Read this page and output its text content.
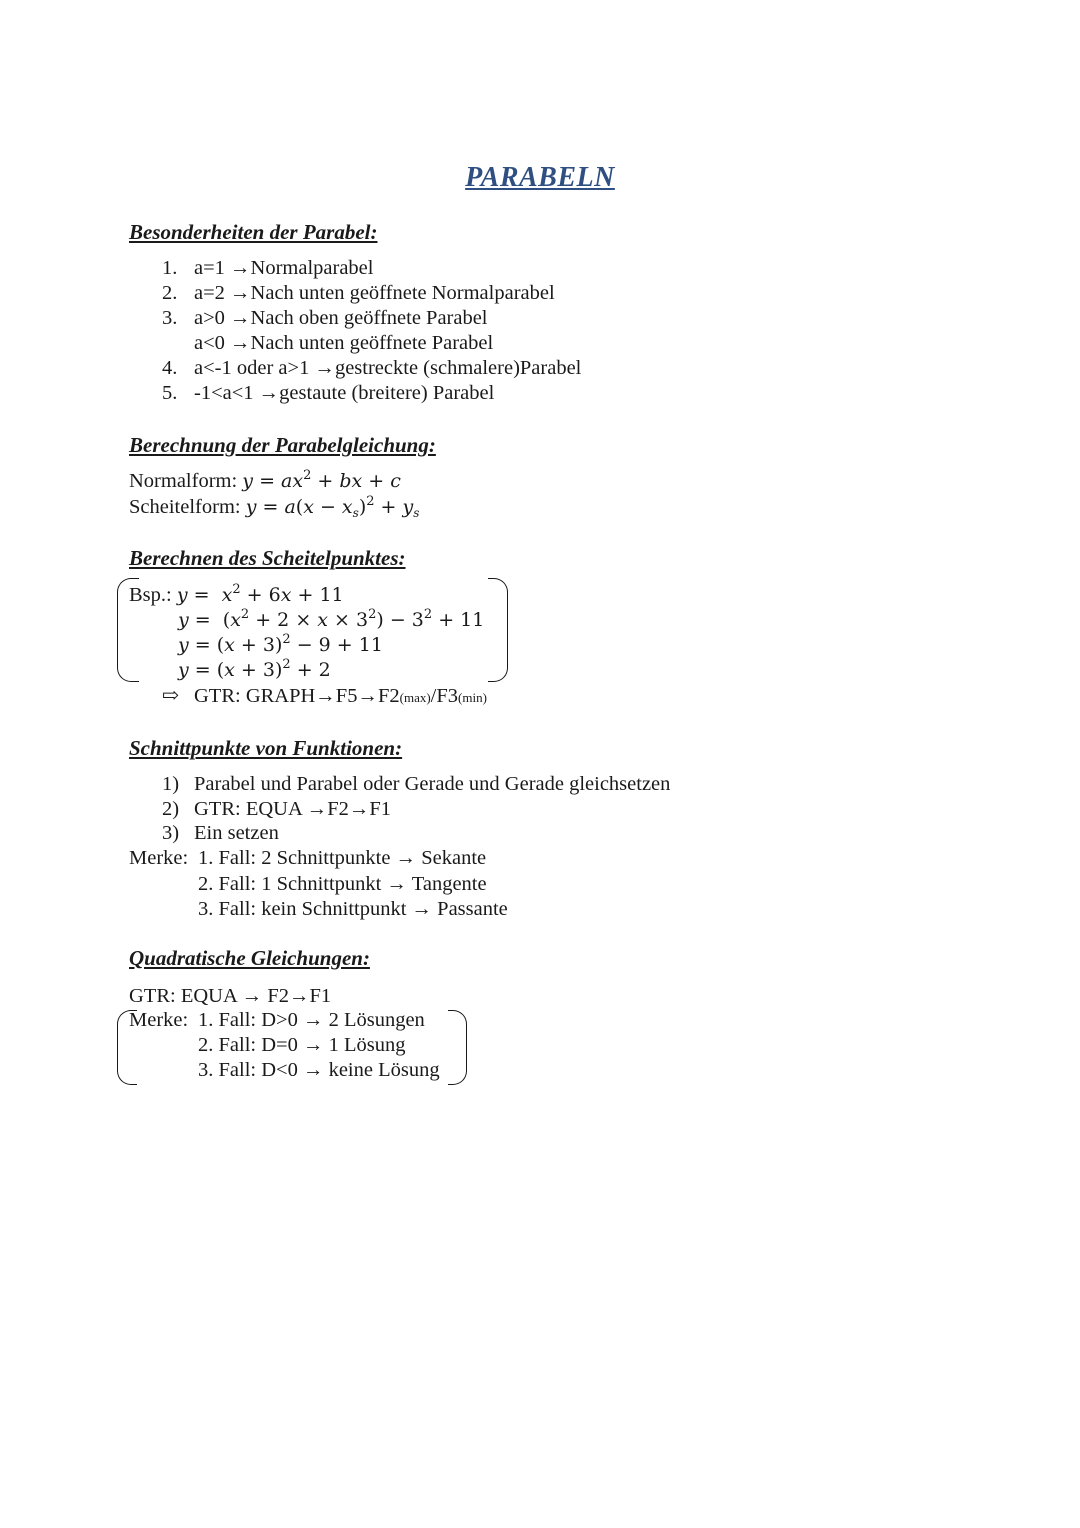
PARABELN
Besonderheiten der Parabel:
1. a=1 →Normalparabel
2. a=2 →Nach unten geöffnete Normalparabel
3. a>0 →Nach oben geöffnete Parabel
a<0 →Nach unten geöffnete Parabel
4. a<-1 oder a>1 →gestreckte (schmalere)Parabel
5. -1<a<1 →gestaute (breitere) Parabel
Berechnung der Parabelgleichung:
Normalform: $y = ax^2$ + bx + c
Scheitelform: $y = a(x - x_s)^2 + y_s$
Berechnen des Scheitelpunktes:
Bsp.: $y = x^2 + 6x + 11$
$y = (x^2 + 2 \times x \times 3^2) - 3^2 + 11$
$y = (x + 3)^2 - 9 + 11$
$y = (x + 3)^2 + 2$
⇨ GTR: GRAPH→F5→F2(max)/F3(min)
Schnittpunkte von Funktionen:
1) Parabel und Parabel oder Gerade und Gerade gleichsetzen
2) GTR: EQUA →F2→F1
3) Ein setzen
Merke: 1. Fall: 2 Schnittpunkte → Sekante
2. Fall: 1 Schnittpunkt → Tangente
3. Fall: kein Schnittpunkt → Passante
Quadratische Gleichungen:
GTR: EQUA → F2→F1
Merke: 1. Fall: D>0 → 2 Lösungen
2. Fall: D=0 → 1 Lösung
3. Fall: D<0 → keine Lösung
